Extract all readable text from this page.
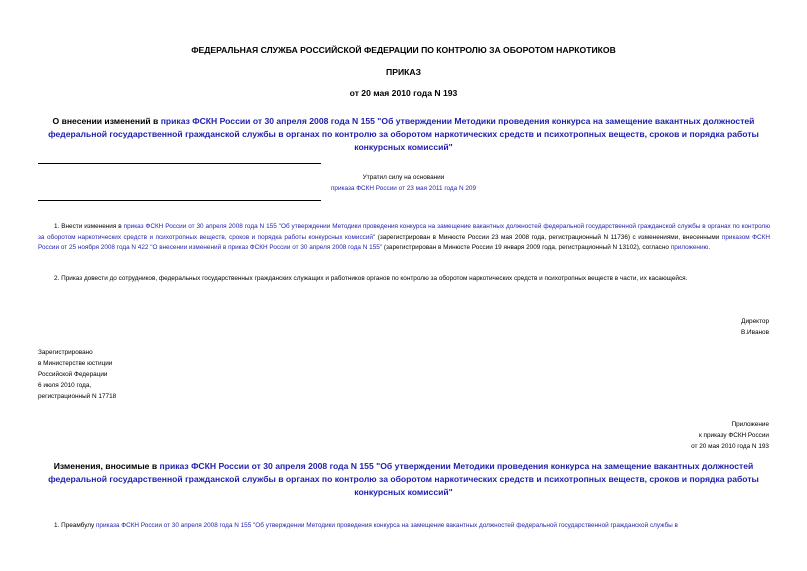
ФЕДЕРАЛЬНАЯ СЛУЖБА РОССИЙСКОЙ ФЕДЕРАЦИИ ПО КОНТРОЛЮ ЗА ОБОРОТОМ НАРКОТИКОВ
ПРИКАЗ
от 20 мая 2010 года N 193
О внесении изменений в приказ ФСКН России от 30 апреля 2008 года N 155 "Об утверждении Методики проведения конкурса на замещение вакантных должностей федеральной государственной гражданской службы в органах по контролю за оборотом наркотических средств и психотропных веществ, сроков и порядка работы конкурсных комиссий"
Утратил силу на основании
приказа ФСКН России от 23 мая 2011 года N 209
1. Внести изменения в приказ ФСКН России от 30 апреля 2008 года N 155 "Об утверждении Методики проведения конкурса на замещение вакантных должностей федеральной государственной гражданской службы в органах по контролю за оборотом наркотических средств и психотропных веществ, сроков и порядка работы конкурсных комиссий" (зарегистрирован в Минюсте России 23 мая 2008 года, регистрационный N 11736) с изменениями, внесенными приказом ФСКН России от 25 ноября 2008 года N 422 "О внесении изменений в приказ ФСКН России от 30 апреля 2008 года N 155" (зарегистрирован в Минюсте России 19 января 2009 года, регистрационный N 13102), согласно приложению.
2. Приказ довести до сотрудников, федеральных государственных гражданских служащих и работников органов по контролю за оборотом наркотических средств и психотропных веществ в части, их касающейся.
Директор
В.Иванов
Зарегистрировано
в Министерстве юстиции
Российской Федерации
6 июля 2010 года,
регистрационный N 17718
Приложение
к приказу ФСКН России
от 20 мая 2010 года N 193
Изменения, вносимые в приказ ФСКН России от 30 апреля 2008 года N 155 "Об утверждении Методики проведения конкурса на замещение вакантных должностей федеральной государственной гражданской службы в органах по контролю за оборотом наркотических средств и психотропных веществ, сроков и порядка работы конкурсных комиссий"
1. Преамбулу приказа ФСКН России от 30 апреля 2008 года N 155 "Об утверждении Методики проведения конкурса на замещение вакантных должностей федеральной государственной гражданской службы в
